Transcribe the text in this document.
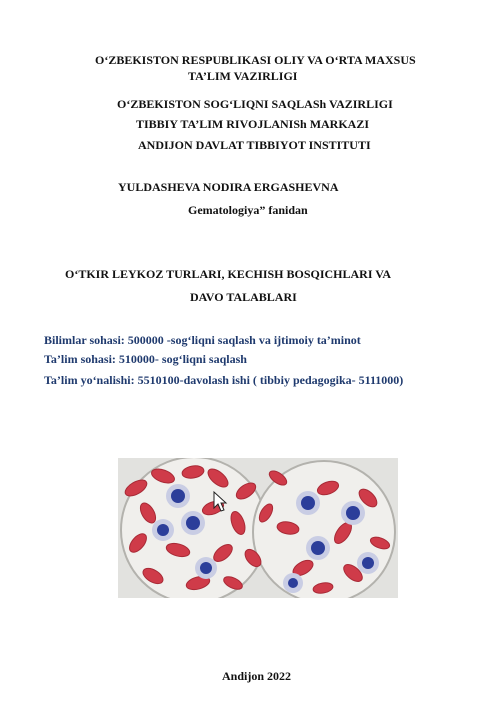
O‘ZBEKISTON RESPUBLIKASI OLIY VA O‘RTA MAXSUS
TA’LIM VAZIRLIGI
O‘ZBEKISTON SOG‘LIQNI SAQLASh VAZIRLIGI
TIBBIY TA’LIM RIVOJLANISh MARKAZI
ANDIJON DAVLAT TIBBIYOT INSTITUTI
YULDASHEVA NODIRA ERGASHEVNA
Gematologiya” fanidan
O‘TKIR LEYKOZ TURLARI, KECHISH BOSQICHLARI VA
DAVO TALABLARI
Bilimlar sohasi: 500000 -sog‘liqni saqlash va ijtimoiy ta’minot
Ta’lim sohasi: 510000- sog‘liqni saqlash
Ta’lim yo‘nalishi: 5510100-davolash ishi ( tibbiy pedagogika- 5111000)
Andijon 2022
